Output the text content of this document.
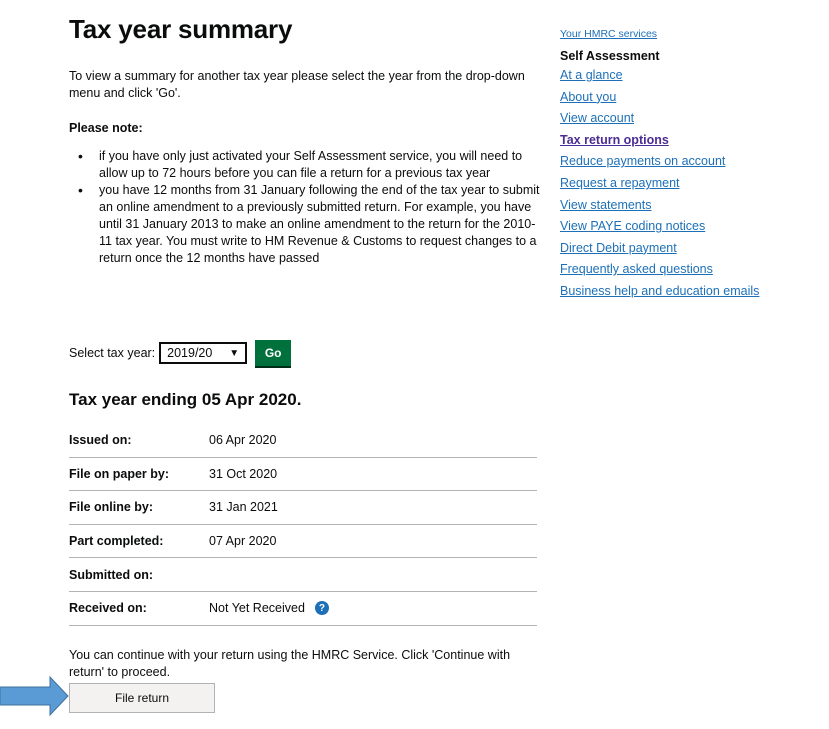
Tax year summary

To view a summary for another tax year please select the year from the drop-down menu and click 'Go'.

Please note:

• if you have only just activated your Self Assessment service, you will need to allow up to 72 hours before you can file a return for a previous tax year
• you have 12 months from 31 January following the end of the tax year to submit an online amendment to a previously submitted return. For example, you have until 31 January 2013 to make an online amendment to the return for the 2010-11 tax year. You must write to HM Revenue & Customs to request changes to a return once the 12 months have passed
Select tax year: 2019/20 ▼	Go
Tax year ending 05 Apr 2020.
Issued on:	06 Apr 2020
File on paper by:	31 Oct 2020
File online by:	31 Jan 2021
Part completed:	07 Apr 2020
Submitted on:
Received on:	Not Yet Received	?

You can continue with your return using the HMRC Service. Click 'Continue with return' to proceed.

File return
Your HMRC services

Self Assessment

At a glance
About you
View account
Tax return options
Reduce payments on account
Request a repayment
View statements
View PAYE coding notices
Direct Debit payment
Frequently asked questions
Business help and education emails
